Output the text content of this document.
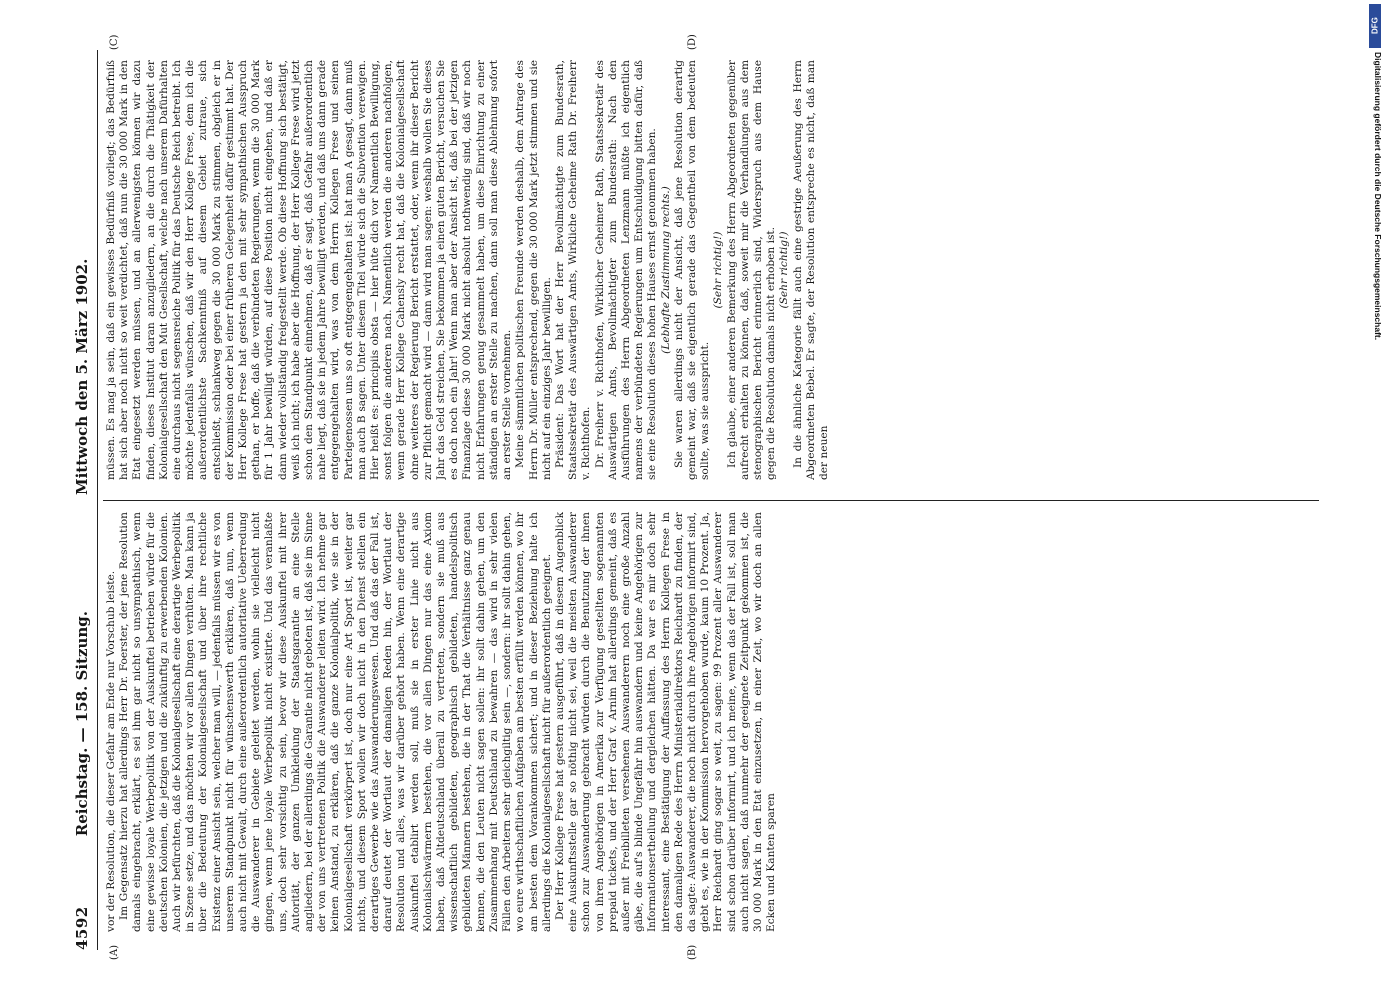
4592
Reichstag. — 158. Sitzung.
Mittwoch den 5. März 1902.
(A)	(B)
(C)	(D)

vor der Resolution, die dieser Gefahr am Ende nur Vorschub leiste. Im Gegensatz hierzu hat allerdings Herr Dr. Foerster, der jene Resolution damals eingebracht, erklärt, es sei ihm gar nicht so unsympathisch, wenn eine gewisse loyale Werbepolitik von der Auskunftei betrieben würde für die deutschen Kolonien, die jetzigen und die zukünftig zu erwerbenden Kolonien. Auch wir befürchten, daß die Kolonialgesellschaft eine derartige Werbepolitik in Szene setze, und das möchten wir vor allen Dingen verhüten. Man kann ja über die Bedeutung der Kolonialgesellschaft und über ihre rechtliche Existenz einer Ansicht sein, welcher man will, — jedenfalls müssen wir es von unserem Standpunkt nicht für wünschenswerth erklären, daß nun, wenn auch nicht mit Gewalt, durch eine außerordentlich autoritative Ueberredung die Auswanderer in Gebiete geleitet werden, wohin sie vielleicht nicht gingen, wenn jene loyale Werbepolitik nicht existirte. Und das veranlaßte uns, doch sehr vorsichtig zu sein, bevor wir diese Auskunftei mit ihrer Autorität, der ganzen Umkleidung der Staatsgarantie an eine Stelle angliedern, bei der allerdings die Garantie nicht geboten ist, daß sie im Sinne der von uns vertretenen Politik die Auswanderer leiten wird. Ich nehme gar keinen Anstand, zu erklären, daß die ganze Kolonialpolitik, wie sie in der Kolonialgesellschaft verkörpert ist, doch nur eine Art Sport ist, weiter gar nichts, und diesem Sport wollen wir doch nicht in den Dienst stellen ein derartiges Gewerbe wie das Auswanderungswesen. Und daß das der Fall ist, darauf deutet der Wortlaut der damaligen Reden hin, der Wortlaut der Resolution und alles, was wir darüber gehört haben. Wenn eine derartige Auskunftei etablirt werden soll, muß sie in erster Linie nicht aus Kolonialschwärmern bestehen, die vor allen Dingen nur das eine Axiom haben, daß Altdeutschland überall zu vertreten, sondern sie muß aus wissenschaftlich gebildeten, geographisch gebildeten, handelspolitisch gebildeten Männern bestehen, die in der That die Verhältnisse ganz genau kennen, die den Leuten nicht sagen sollen: ihr sollt dahin gehen, um den Zusammenhang mit Deutschland zu bewahren — das wird in sehr vielen Fällen den Arbeitern sehr gleichgiltig sein —, sondern: ihr sollt dahin gehen, wo eure wirthschaftlichen Aufgaben am besten erfüllt werden können, wo ihr am besten dem Vorankommen sichert; und in dieser Beziehung halte ich allerdings die Kolonialgesellschaft nicht für außerordentlich geeignet. Der Herr Kollege Frese hat gestern ausgeführt, daß in diesem Augenblick eine Auskunftsstelle gar so nöthig nicht sei, weil die meisten Auswanderer schon zur Auswanderung gebracht würden durch die Benutzung der ihnen von ihren Angehörigen in Amerika zur Verfügung gestellten sogenannten prepaid tickets, und der Herr Graf v. Arnim hat allerdings gemeint, daß es außer mit Freibilleten versehenen Auswanderern noch eine große Anzahl gäbe, die auf's blinde Ungefähr hin auswandern und keine Angehörigen zur Informationsertheilung und dergleichen hätten. Da war es mir doch sehr interessant, eine Bestätigung der Auffassung des Herrn Kollegen Frese in den damaligen Rede des Herrn Ministerialdirektors Reichardt zu finden, der da sagte: Auswanderer, die noch nicht durch ihre Angehörigen informirt sind, giebt es, wie in der Kommission hervorgehoben wurde, kaum 10 Prozent. Ja, Herr Reichardt ging sogar so weit, zu sagen: 99 Prozent aller Auswanderer sind schon darüber informirt, und ich meine, wenn das der Fall ist, soll man auch nicht sagen, daß nunmehr der geeignete Zeitpunkt gekommen ist, die 30 000 Mark in den Etat einzusetzen, in einer Zeit, wo wir doch an allen Ecken und Kanten sparen

müssen. Es mag ja sein, daß ein gewisses Bedürfniß vorliegt; das Bedürfniß hat sich aber noch nicht so weit verdichtet, daß nun die 30 000 Mark in den Etat eingesetzt werden müssen, und an allerwenigsten können wir dazu finden, dieses Institut daran anzugliedern, an die durch die Thätigkeit der Kolonialgesellschaft den Mut Gesellschaft, welche nach unserem Dafürhalten eine durchaus nicht segensreiche Politik für das Deutsche Reich betreibt. Ich möchte jedenfalls wünschen, daß wir den Herr Kollege Frese, dem ich die außerordentlichste Sachkenntniß auf diesem Gebiet zutraue, sich entschließt, schlankweg gegen die 30 000 Mark zu stimmen, obgleich er in der Kommission oder bei einer früheren Gelegenheit dafür gestimmt hat. Der Herr Kollege Frese hat gestern ja den mit sehr sympathischen Ausspruch gethan, er hoffe, daß die verbündeten Regierungen, wenn die 30 000 Mark für 1 Jahr bewilligt würden, auf diese Position nicht eingehen, und daß er dann wieder vollständig freigestellt werde. Ob diese Hoffnung sich bestätigt, weiß ich nicht; ich habe aber die Hoffnung, der Herr Kollege Frese wird jetzt schon den Standpunkt einnehmen, daß er sagt, daß Gefahr außerordentlich nahe liegt, daß sie in jedem Jahre bewilligt werden, und daß uns dann gerade entgegengehalten wird, was von dem Herrn Kollegen Frese und seinen Parteigenossen uns so oft entgegengehalten ist: hat man A gesagt, dann muß man auch B sagen. Unter diesem Titel würde sich die Subvention verewigen. Hier heißt es: principiis obsta — hier hüte dich vor Namentlich Bewilligung, sonst folgen die anderen nach. Namentlich werden die anderen nachfolgen, wenn gerade Herr Kollege Cahensly recht hat, daß die Kolonialgesellschaft ohne weiteres der Regierung Bericht erstattet, oder, wenn ihr dieser Bericht zur Pflicht gemacht wird — dann wird man sagen: weshalb wollen Sie dieses Jahr das Geld streichen, Sie bekommen ja einen guten Bericht, versuchen Sie es doch noch ein Jahr! Wenn man aber der Ansicht ist, daß bei der jetzigen Finanzlage diese 30 000 Mark nicht absolut nothwendig sind, daß wir noch nicht Erfahrungen genug gesammelt haben, um diese Einrichtung zu einer ständigen an erster Stelle zu machen, dann soll man diese Ablehnung sofort an erster Stelle vornehmen. Meine sämmtlichen politischen Freunde werden deshalb, dem Antrage des Herrn Dr. Müller entsprechend, gegen die 30 000 Mark jetzt stimmen und sie nicht auf ein einziges Jahr bewilligen. Präsident: Das Wort hat der Herr Bevollmächtigte zum Bundesrath, Staatssekretär des Auswärtigen Amts, Wirkliche Geheime Rath Dr. Freiherr v. Richthofen. Dr. Freiherr v. Richthofen, Wirklicher Geheimer Rath, Staatssekretär des Auswärtigen Amts, Bevollmächtigter zum Bundesrath: Nach den Ausführungen des Herrn Abgeordneten Lenzmann müßte ich eigentlich namens der verbündeten Regierungen um Entschuldigung bitten dafür, daß sie eine Resolution dieses hohen Hauses ernst genommen haben. (Lebhafte Zustimmung rechts.) Sie waren allerdings nicht der Ansicht, daß jene Resolution derartig gemeint war, daß sie eigentlich gerade das Gegentheil von dem bedeuten sollte, was sie ausspricht.

(Sehr richtig!) Ich glaube, einer anderen Bemerkung des Herrn Abgeordneten gegenüber aufrecht erhalten zu können, daß, soweit mir die Verhandlungen aus dem stenographischen Bericht erinnerlich sind, Widerspruch aus dem Hause gegen die Resolution damals nicht erhoben ist. (Sehr richtig!) In die ähnliche Kategorie fällt auch eine gestrige Aeußerung des Herrn Abgeordneten Bebel. Er sagte, der Resolution entspreche es nicht, daß man der neuen

DFG
Digitalisierung gefördert durch die Deutsche Forschungsgemeinschaft.
